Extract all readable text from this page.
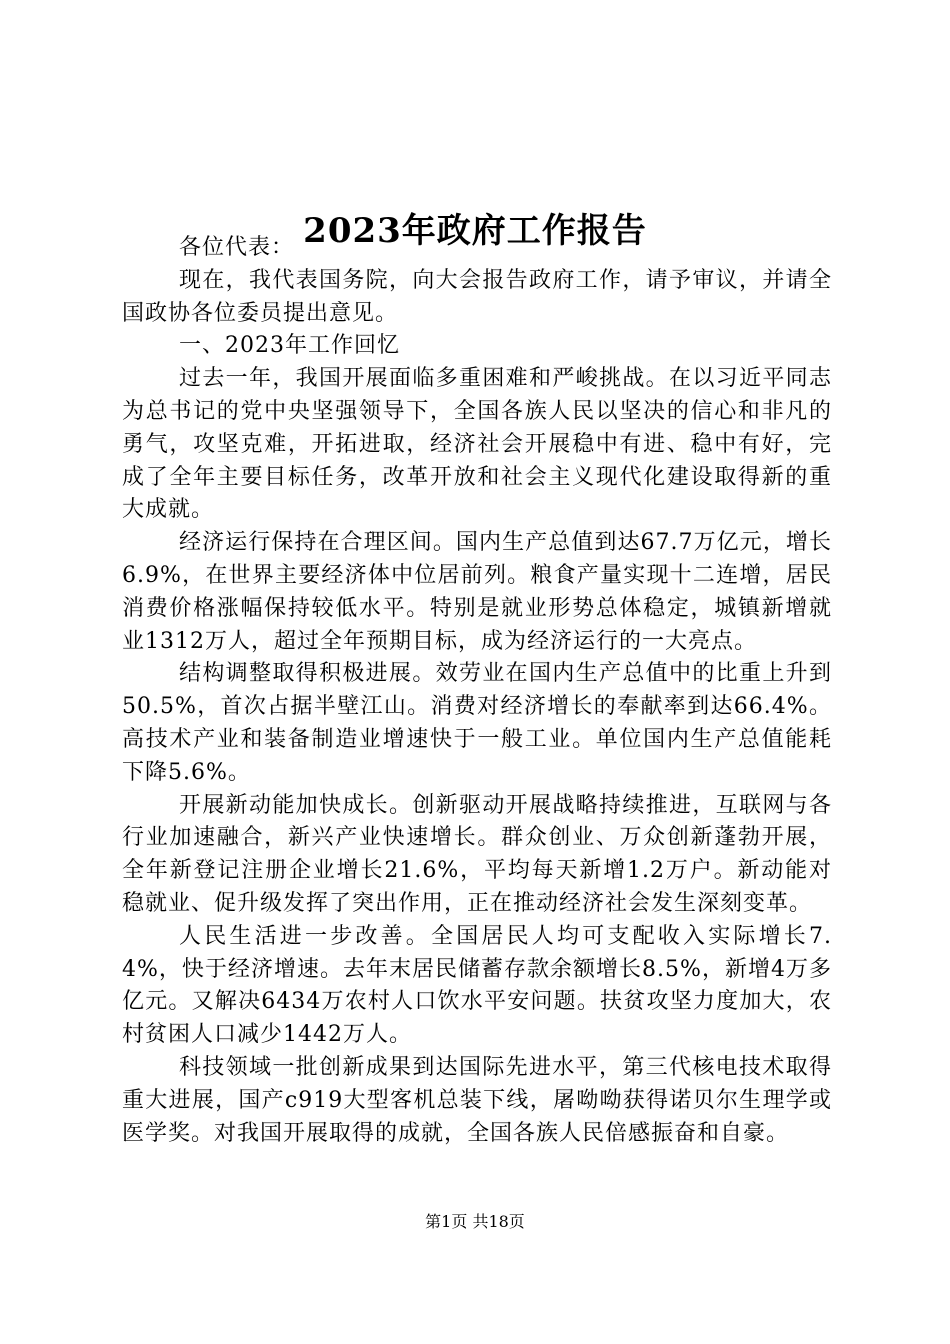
2023年政府工作报告

各位代表：

现在，我代表国务院，向大会报告政府工作，请予审议，并请全国政协各位委员提出意见。

一、2023年工作回忆

过去一年，我国开展面临多重困难和严峻挑战。在以习近平同志为总书记的党中央坚强领导下，全国各族人民以坚决的信心和非凡的勇气，攻坚克难，开拓进取，经济社会开展稳中有进、稳中有好，完成了全年主要目标任务，改革开放和社会主义现代化建设取得新的重大成就。

经济运行保持在合理区间。国内生产总值到达67.7万亿元，增长6.9%，在世界主要经济体中位居前列。粮食产量实现十二连增，居民消费价格涨幅保持较低水平。特别是就业形势总体稳定，城镇新增就业1312万人，超过全年预期目标，成为经济运行的一大亮点。

结构调整取得积极进展。效劳业在国内生产总值中的比重上升到50.5%，首次占据半壁江山。消费对经济增长的奉献率到达66.4%。高技术产业和装备制造业增速快于一般工业。单位国内生产总值能耗下降5.6%。

开展新动能加快成长。创新驱动开展战略持续推进，互联网与各行业加速融合，新兴产业快速增长。群众创业、万众创新蓬勃开展，全年新登记注册企业增长21.6%，平均每天新增1.2万户。新动能对稳就业、促升级发挥了突出作用，正在推动经济社会发生深刻变革。

人民生活进一步改善。全国居民人均可支配收入实际增长7.4%，快于经济增速。去年末居民储蓄存款余额增长8.5%，新增4万多亿元。又解决6434万农村人口饮水平安问题。扶贫攻坚力度加大，农村贫困人口减少1442万人。

科技领域一批创新成果到达国际先进水平，第三代核电技术取得重大进展，国产c919大型客机总装下线，屠呦呦获得诺贝尔生理学或医学奖。对我国开展取得的成就，全国各族人民倍感振奋和自豪。

第1页 共18页
